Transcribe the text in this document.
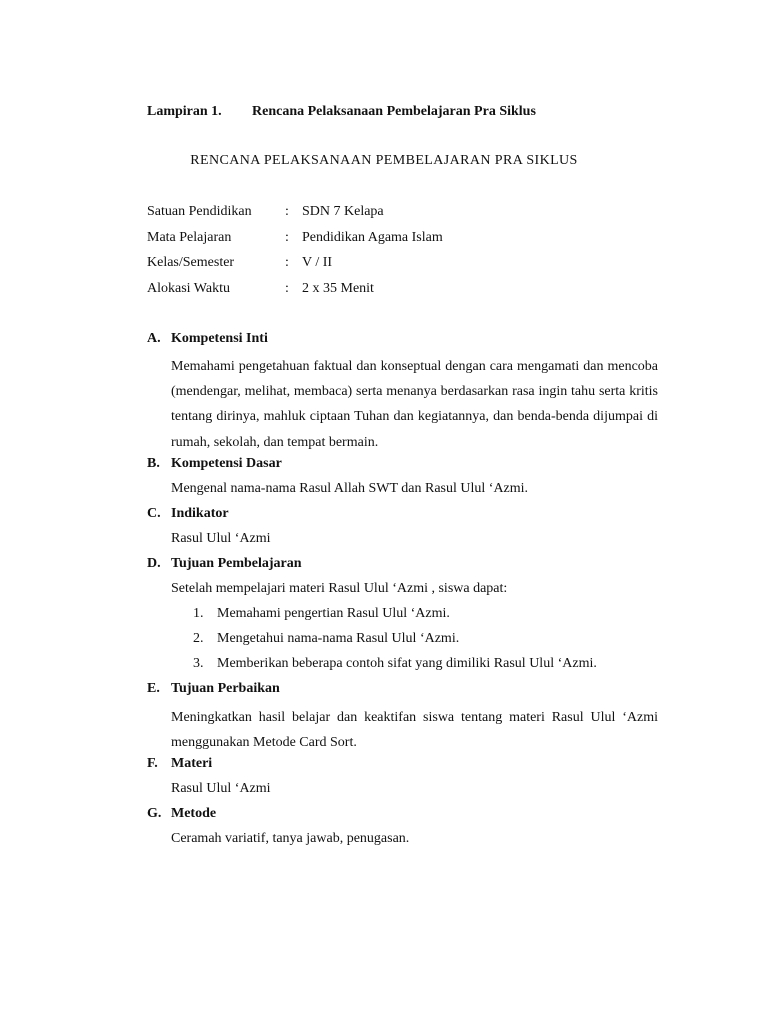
Lampiran 1. Rencana Pelaksanaan Pembelajaran Pra Siklus
RENCANA PELAKSANAAN PEMBELAJARAN PRA SIKLUS
Satuan Pendidikan : SDN 7 Kelapa
Mata Pelajaran	: Pendidikan Agama Islam
Kelas/Semester	: V / II
Alokasi Waktu	: 2 x 35 Menit
A. Kompetensi Inti
Memahami pengetahuan faktual dan konseptual dengan cara mengamati dan mencoba (mendengar, melihat, membaca) serta menanya berdasarkan rasa ingin tahu serta kritis tentang dirinya, mahluk ciptaan Tuhan dan kegiatannya, dan benda-benda dijumpai di rumah, sekolah, dan tempat bermain.
B. Kompetensi Dasar
Mengenal nama-nama Rasul Allah SWT dan Rasul Ulul ‘Azmi.
C. Indikator
Rasul Ulul ‘Azmi
D. Tujuan Pembelajaran
Setelah mempelajari materi Rasul Ulul ‘Azmi , siswa dapat:
1. Memahami pengertian Rasul Ulul ‘Azmi.
2. Mengetahui nama-nama Rasul Ulul ‘Azmi.
3. Memberikan beberapa contoh sifat yang dimiliki Rasul Ulul ‘Azmi.
E. Tujuan Perbaikan
Meningkatkan hasil belajar dan keaktifan siswa tentang materi Rasul Ulul ‘Azmi menggunakan Metode Card Sort.
F. Materi
Rasul Ulul ‘Azmi
G. Metode
Ceramah variatif, tanya jawab, penugasan.
